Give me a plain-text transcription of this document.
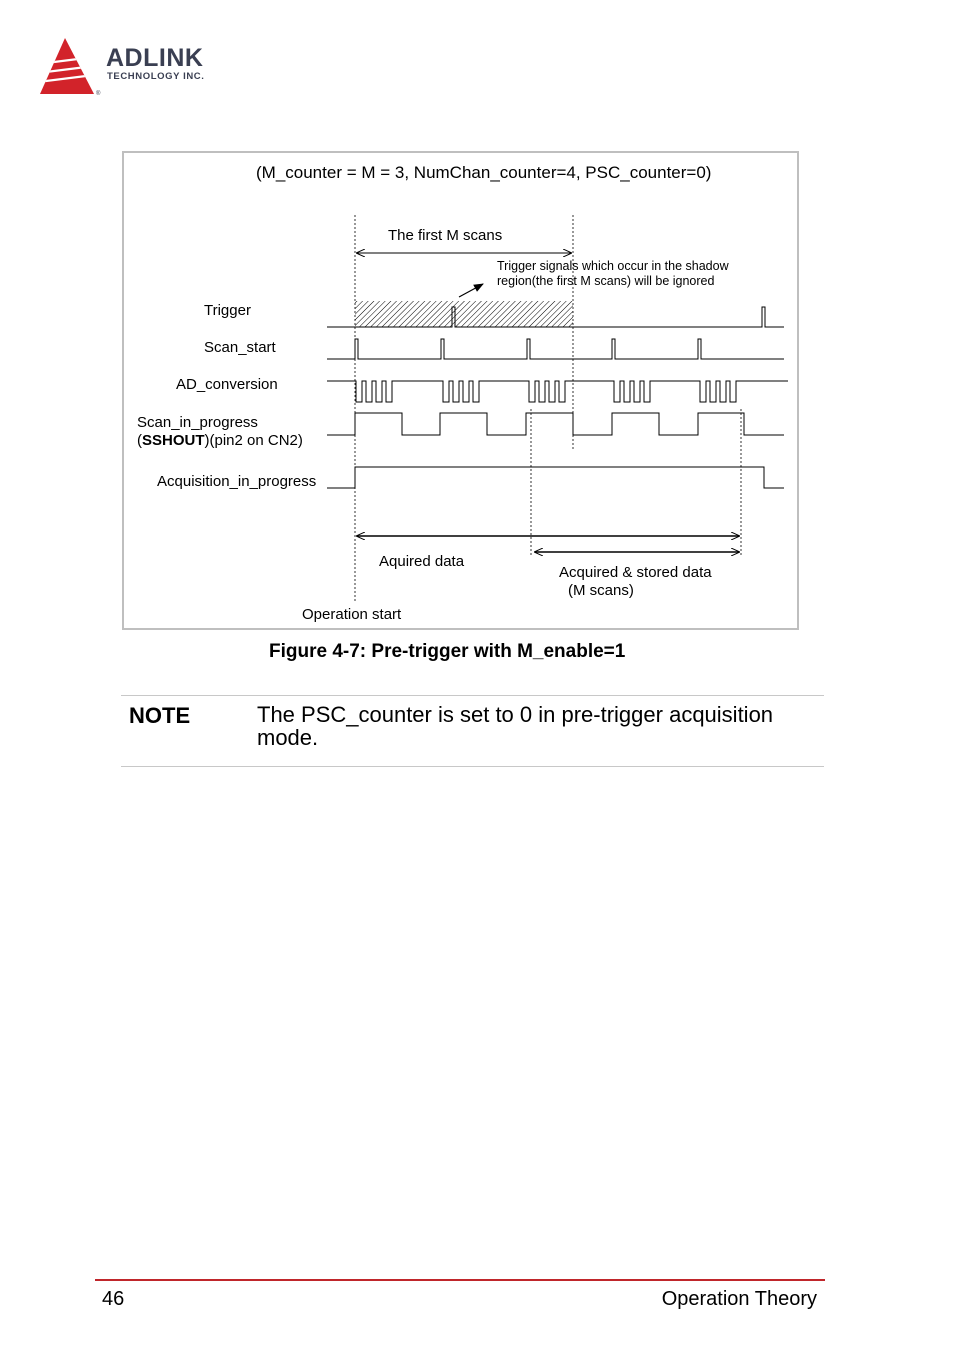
®
ADLINK
TECHNOLOGY INC.
(M_counter = M = 3, NumChan_counter=4, PSC_counter=0)
The first M scans
Trigger signals which occur in the shadow
region(the first M scans) will be ignored
Trigger
Scan_start
AD_conversion
Scan_in_progress
(SSHOUT)(pin2 on CN2)
Acquisition_in_progress
Aquired data
Acquired & stored data
(M scans)
Operation start
Figure 4-7: Pre-trigger with M_enable=1
NOTE	The PSC_counter is set to 0 in pre-trigger acquisition mode.
46	Operation Theory
